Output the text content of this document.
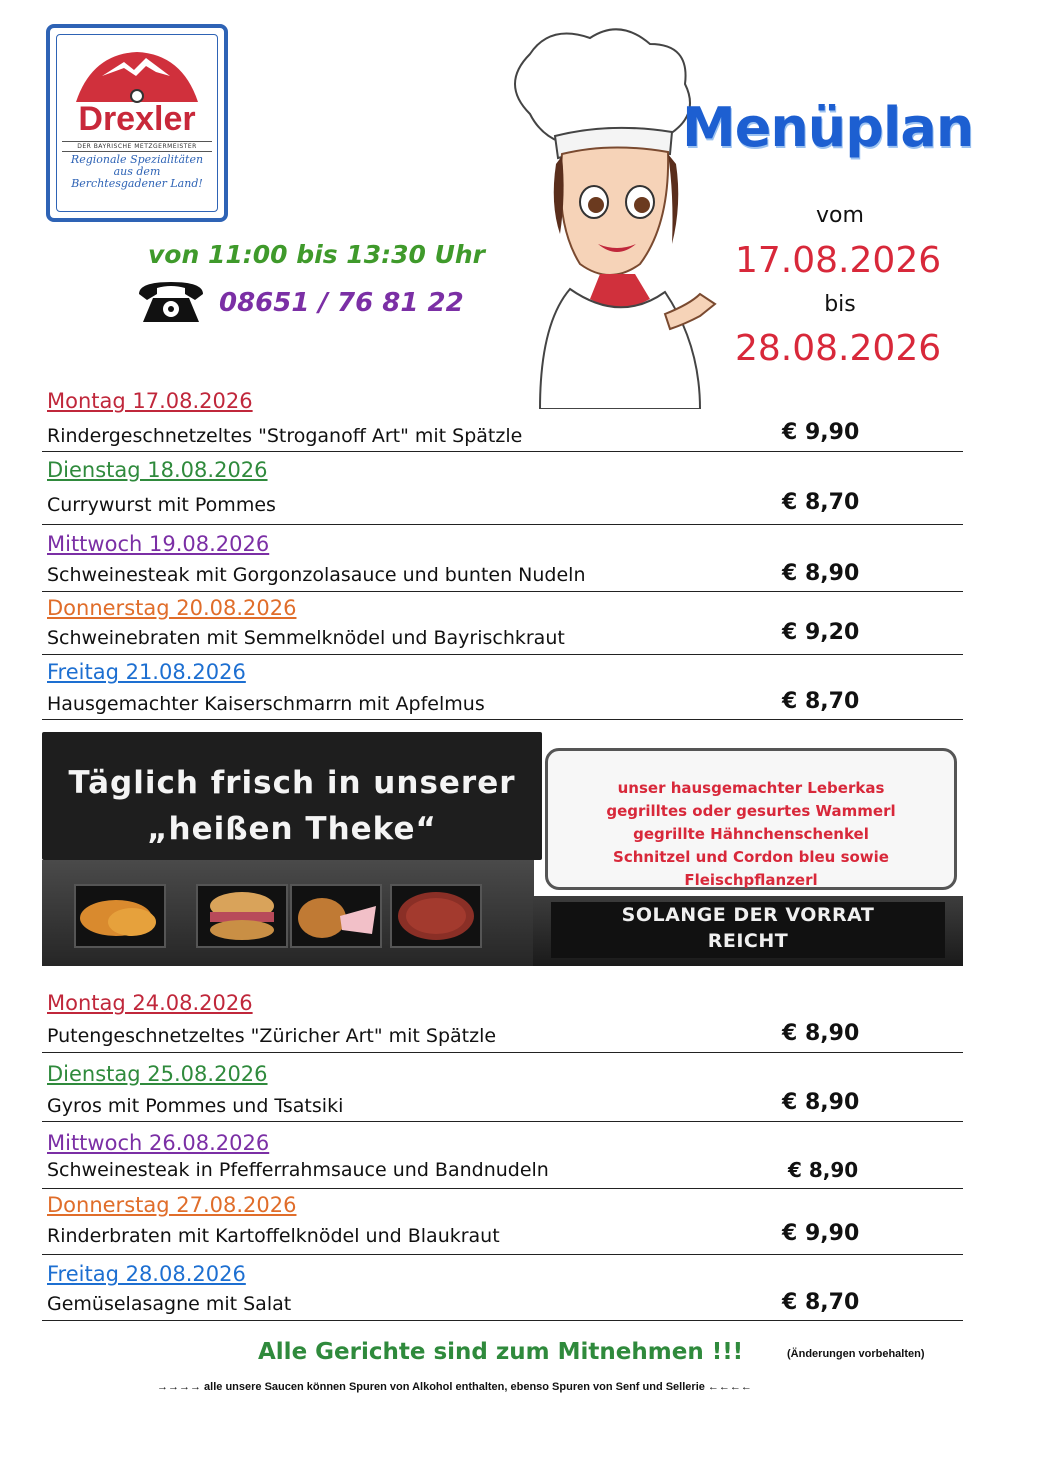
Drexler
DER BAYRISCHE METZGERMEISTER
Regionale Spezialitäten
aus dem
Berchtesgadener Land!
von 11:00 bis 13:30 Uhr
08651 / 76 81 22
Menüplan
vom
17.08.2026
bis
28.08.2026
Montag 17.08.2026
Rindergeschnetzeltes "Stroganoff Art" mit Spätzle	€ 9,90
Dienstag 18.08.2026
Currywurst mit Pommes	€ 8,70
Mittwoch 19.08.2026
Schweinesteak mit Gorgonzolasauce und bunten Nudeln	€ 8,90
Donnerstag 20.08.2026
Schweinebraten mit Semmelknödel und Bayrischkraut	€ 9,20
Freitag 21.08.2026
Hausgemachter Kaiserschmarrn mit Apfelmus	€ 8,70
Täglich frisch in unserer
„heißen Theke“
unser hausgemachter Leberkas
gegrilltes oder gesurtes Wammerl
gegrillte Hähnchenschenkel
Schnitzel und Cordon bleu sowie
Fleischpflanzerl
SOLANGE DER VORRAT
REICHT
Montag 24.08.2026
Putengeschnetzeltes "Züricher Art" mit Spätzle	€ 8,90
Dienstag 25.08.2026
Gyros mit Pommes und Tsatsiki	€ 8,90
Mittwoch 26.08.2026
Schweinesteak in Pfefferrahmsauce und Bandnudeln	€ 8,90
Donnerstag 27.08.2026
Rinderbraten mit Kartoffelknödel und Blaukraut	€ 9,90
Freitag 28.08.2026
Gemüselasagne mit Salat	€ 8,70
Alle Gerichte sind zum Mitnehmen !!!	(Änderungen vorbehalten)
→→→→ alle unsere Saucen können Spuren von Alkohol enthalten, ebenso Spuren von Senf und Sellerie ←←←←
